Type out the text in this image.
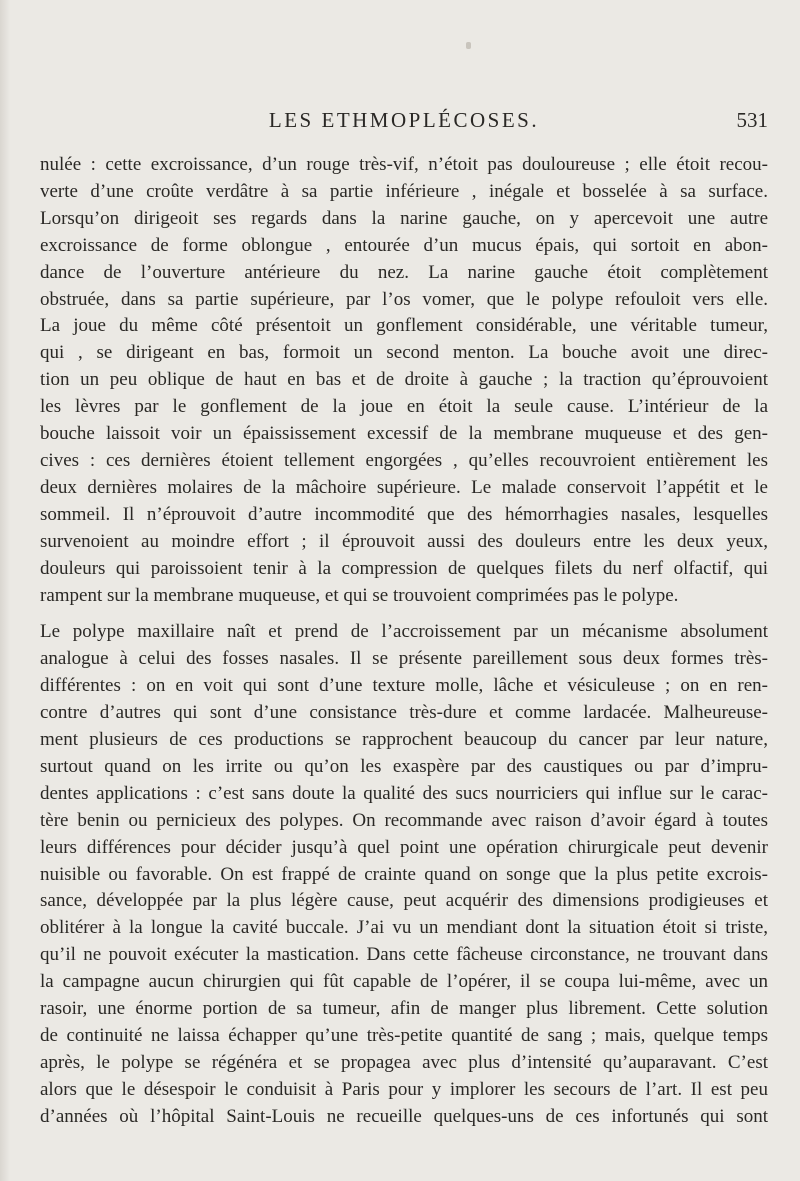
LES ETHMOPLÉCOSES.	531
nulée : cette excroissance, d’un rouge très-vif, n’étoit pas douloureuse ; elle étoit recou-
verte d’une croûte verdâtre à sa partie inférieure , inégale et bosselée à sa surface.
Lorsqu’on dirigeoit ses regards dans la narine gauche, on y apercevoit une autre
excroissance de forme oblongue , entourée d’un mucus épais, qui sortoit en abon-
dance de l’ouverture antérieure du nez. La narine gauche étoit complètement
obstruée, dans sa partie supérieure, par l’os vomer, que le polype refouloit vers elle.
La joue du même côté présentoit un gonflement considérable, une véritable tumeur,
qui , se dirigeant en bas, formoit un second menton. La bouche avoit une direc-
tion un peu oblique de haut en bas et de droite à gauche ; la traction qu’éprouvoient
les lèvres par le gonflement de la joue en étoit la seule cause. L’intérieur de la
bouche laissoit voir un épaississement excessif de la membrane muqueuse et des gen-
cives : ces dernières étoient tellement engorgées , qu’elles recouvroient entièrement les
deux dernières molaires de la mâchoire supérieure. Le malade conservoit l’appétit et le
sommeil. Il n’éprouvoit d’autre incommodité que des hémorrhagies nasales, lesquelles
survenoient au moindre effort ; il éprouvoit aussi des douleurs entre les deux yeux,
douleurs qui paroissoient tenir à la compression de quelques filets du nerf olfactif, qui
rampent sur la membrane muqueuse, et qui se trouvoient comprimées pas le polype.
Le polype maxillaire naît et prend de l’accroissement par un mécanisme absolument
analogue à celui des fosses nasales. Il se présente pareillement sous deux formes très-
différentes : on en voit qui sont d’une texture molle, lâche et vésiculeuse ; on en ren-
contre d’autres qui sont d’une consistance très-dure et comme lardacée. Malheureuse-
ment plusieurs de ces productions se rapprochent beaucoup du cancer par leur nature,
surtout quand on les irrite ou qu’on les exaspère par des caustiques ou par d’impru-
dentes applications : c’est sans doute la qualité des sucs nourriciers qui influe sur le carac-
tère benin ou pernicieux des polypes. On recommande avec raison d’avoir égard à toutes
leurs différences pour décider jusqu’à quel point une opération chirurgicale peut devenir
nuisible ou favorable. On est frappé de crainte quand on songe que la plus petite excrois-
sance, développée par la plus légère cause, peut acquérir des dimensions prodigieuses et
oblitérer à la longue la cavité buccale. J’ai vu un mendiant dont la situation étoit si triste,
qu’il ne pouvoit exécuter la mastication. Dans cette fâcheuse circonstance, ne trouvant dans
la campagne aucun chirurgien qui fût capable de l’opérer, il se coupa lui-même, avec un
rasoir, une énorme portion de sa tumeur, afin de manger plus librement. Cette solution
de continuité ne laissa échapper qu’une très-petite quantité de sang ; mais, quelque temps
après, le polype se régénéra et se propagea avec plus d’intensité qu’auparavant. C’est
alors que le désespoir le conduisit à Paris pour y implorer les secours de l’art. Il est peu
d’années où l’hôpital Saint-Louis ne recueille quelques-uns de ces infortunés qui sont
